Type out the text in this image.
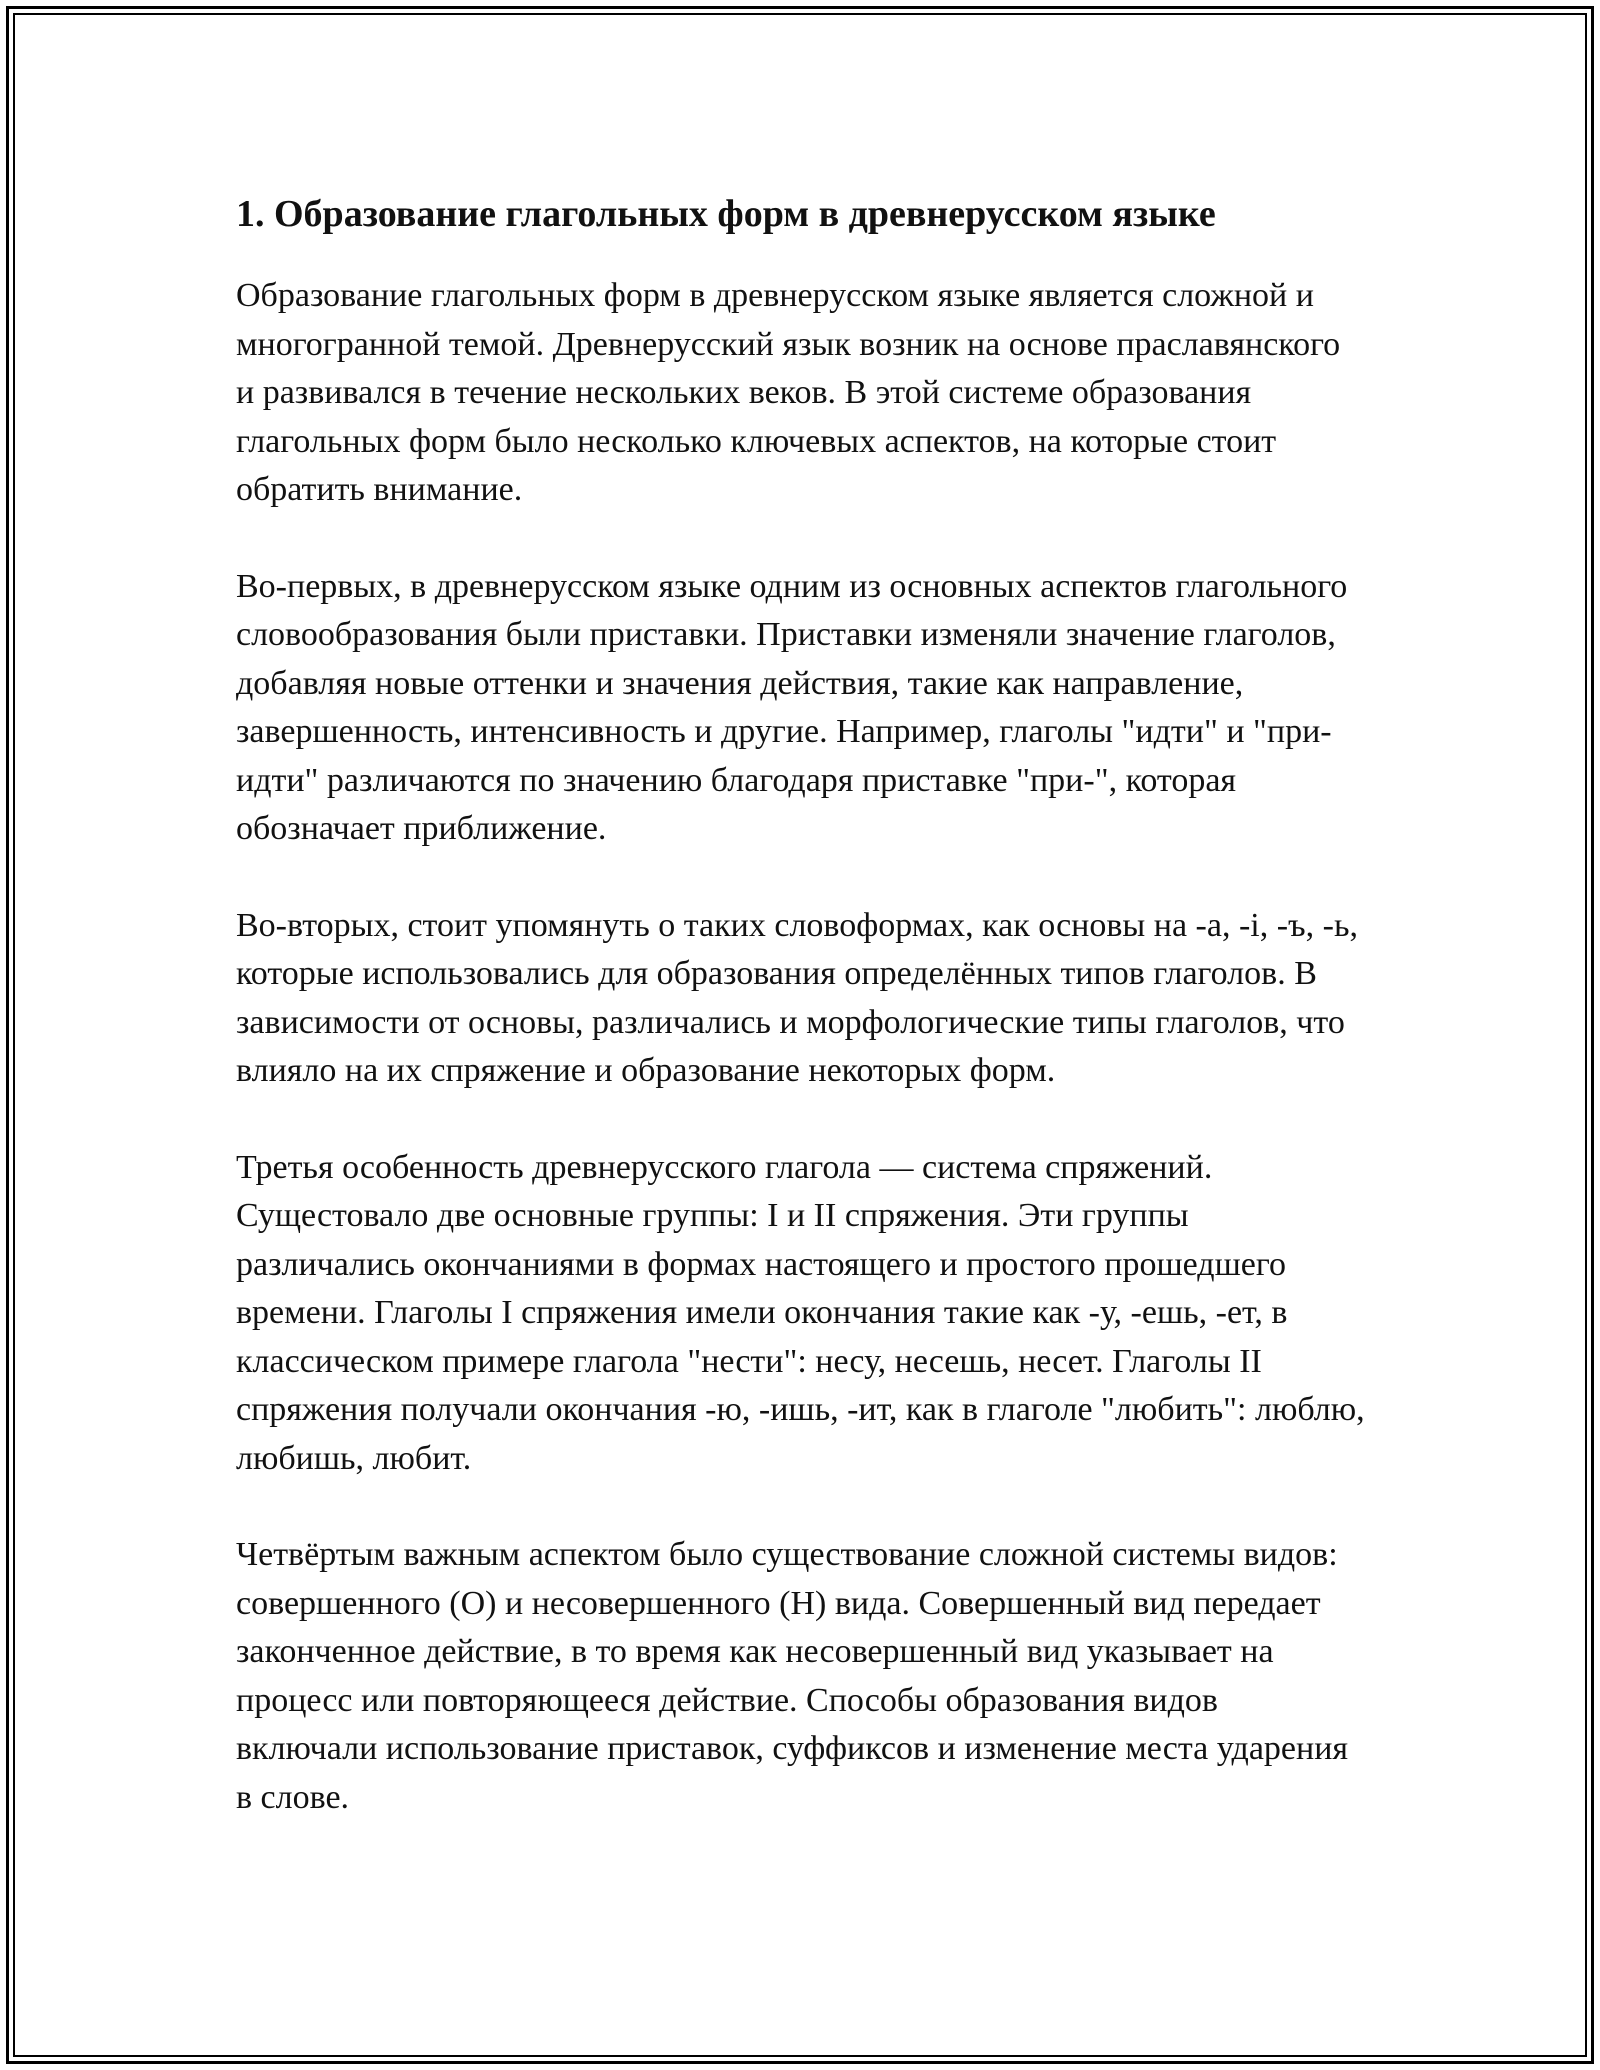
1. Образование глагольных форм в древнерусском языке

Образование глагольных форм в древнерусском языке является сложной и многогранной темой. Древнерусский язык возник на основе праславянского и развивался в течение нескольких веков. В этой системе образования глагольных форм было несколько ключевых аспектов, на которые стоит обратить внимание.

Во-первых, в древнерусском языке одним из основных аспектов глагольного словообразования были приставки. Приставки изменяли значение глаголов, добавляя новые оттенки и значения действия, такие как направление, завершенность, интенсивность и другие. Например, глаголы "идти" и "при-идти" различаются по значению благодаря приставке "при-", которая обозначает приближение.

Во-вторых, стоит упомянуть о таких словоформах, как основы на -а, -і, -ъ, -ь, которые использовались для образования определённых типов глаголов. В зависимости от основы, различались и морфологические типы глаголов, что влияло на их спряжение и образование некоторых форм.

Третья особенность древнерусского глагола — система спряжений. Сущестовало две основные группы: I и II спряжения. Эти группы различались окончаниями в формах настоящего и простого прошедшего времени. Глаголы I спряжения имели окончания такие как -у, -ешь, -ет, в классическом примере глагола "нести": несу, несешь, несет. Глаголы II спряжения получали окончания -ю, -ишь, -ит, как в глаголе "любить": люблю, любишь, любит.

Четвёртым важным аспектом было существование сложной системы видов: совершенного (О) и несовершенного (Н) вида. Совершенный вид передает законченное действие, в то время как несовершенный вид указывает на процесс или повторяющееся действие. Способы образования видов включали использование приставок, суффиксов и изменение места ударения в слове.
